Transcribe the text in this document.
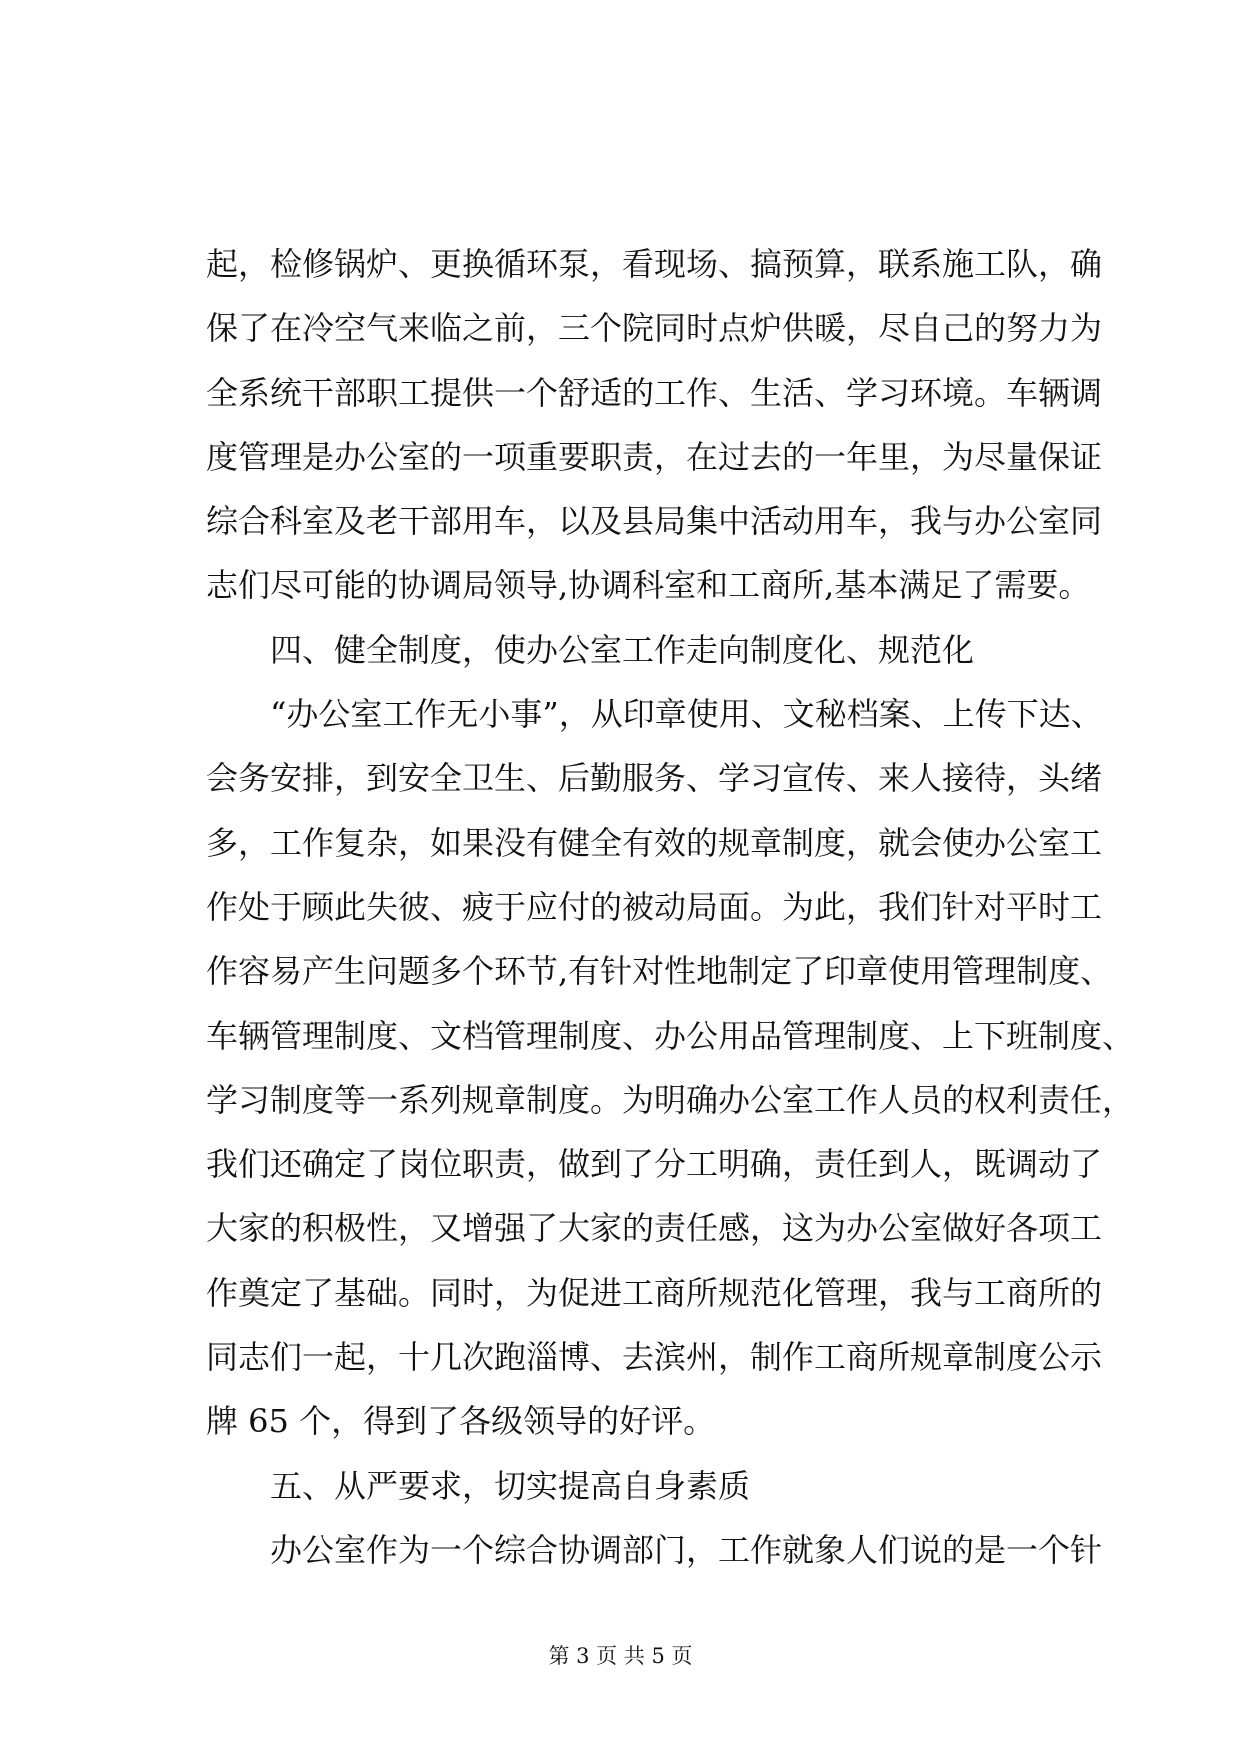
起，检修锅炉、更换循环泵，看现场、搞预算，联系施工队，确
保了在冷空气来临之前，三个院同时点炉供暖，尽自己的努力为
全系统干部职工提供一个舒适的工作、生活、学习环境。车辆调
度管理是办公室的一项重要职责，在过去的一年里，为尽量保证
综合科室及老干部用车，以及县局集中活动用车，我与办公室同
志们尽可能的协调局领导,协调科室和工商所,基本满足了需要。
四、健全制度，使办公室工作走向制度化、规范化
“办公室工作无小事”，从印章使用、文秘档案、上传下达、
会务安排，到安全卫生、后勤服务、学习宣传、来人接待，头绪
多，工作复杂，如果没有健全有效的规章制度，就会使办公室工
作处于顾此失彼、疲于应付的被动局面。为此，我们针对平时工
作容易产生问题多个环节,有针对性地制定了印章使用管理制度、
车辆管理制度、文档管理制度、办公用品管理制度、上下班制度、
学习制度等一系列规章制度。为明确办公室工作人员的权利责任，
我们还确定了岗位职责，做到了分工明确，责任到人，既调动了
大家的积极性，又增强了大家的责任感，这为办公室做好各项工
作奠定了基础。同时，为促进工商所规范化管理，我与工商所的
同志们一起，十几次跑淄博、去滨州，制作工商所规章制度公示
牌 65 个，得到了各级领导的好评。
五、从严要求，切实提高自身素质
办公室作为一个综合协调部门，工作就象人们说的是一个针
第 3 页 共 5 页
